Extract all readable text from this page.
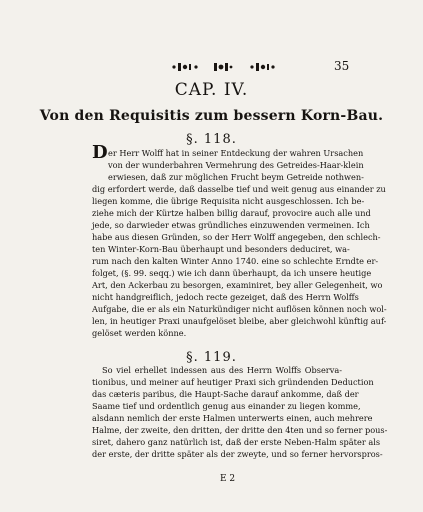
35
CAP. IV.
Von den Requisitis zum bessern Korn-Bau.
§. 118.
D er Herr Wolff hat in seiner Entdeckung der wahren Ursachen
von der wunderbahren Vermehrung des Getreides-Haar-klein
erwiesen, daß zur möglichen Frucht beym Getreide nothwen-
dig erfordert werde, daß dasselbe tief und weit genug aus einander zu
liegen komme, die übrige Requisita nicht ausgeschlossen. Ich be-
ziehe mich der Kürtze halben billig darauf, provocire auch alle und
jede, so darwieder etwas gründliches einzuwenden vermeinen. Ich
habe aus diesen Gründen, so der Herr Wolff angegeben, den schlech-
ten Winter-Korn-Bau überhaupt und besonders deduciret, wa-
rum nach den kalten Winter Anno 1740. eine so schlechte Erndte er-
folget, (§. 99. seqq.) wie ich dann überhaupt, da ich unsere heutige
Art, den Ackerbau zu besorgen, examiniret, bey aller Gelegenheit, wo
nicht handgreiflich, jedoch recte gezeiget, daß des Herrn Wolffs
Aufgabe, die er als ein Naturkündiger nicht auflösen können noch wol-
len, in heutiger Praxi unaufgelöset bleibe, aber gleichwohl künftig auf-
gelöset werden könne.
§. 119.
So viel erhellet indessen aus des Herrn Wolffs Observa-
tionibus, und meiner auf heutiger Praxi sich gründenden Deduction
das cæteris paribus, die Haupt-Sache darauf ankomme, daß der
Saame tief und ordentlich genug aus einander zu liegen komme,
alsdann nemlich der erste Halmen unterwerts einen, auch mehrere
Halme, der zweite, den dritten, der dritte den 4ten und so ferner pous-
siret, dahero ganz natürlich ist, daß der erste Neben-Halm später als
der erste, der dritte später als der zweyte, und so ferner hervorspros-
E 2
